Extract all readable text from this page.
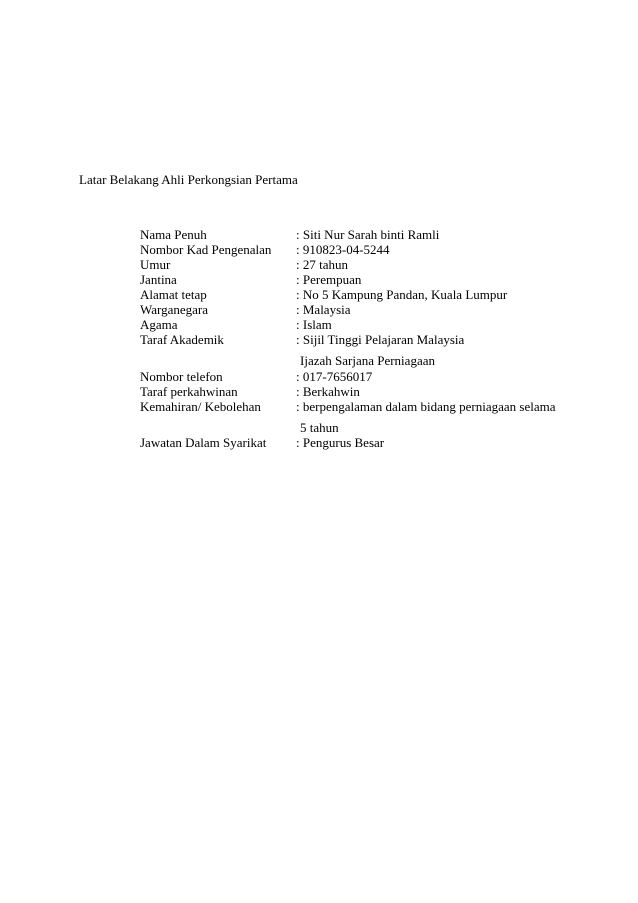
Latar Belakang Ahli Perkongsian Pertama
Nama Penuh	: Siti Nur Sarah binti Ramli
Nombor Kad Pengenalan : 910823-04-5244
Umur	: 27 tahun
Jantina	: Perempuan
Alamat tetap	: No 5 Kampung Pandan, Kuala Lumpur
Warganegara	: Malaysia
Agama	: Islam
Taraf Akademik	: Sijil Tinggi Pelajaran Malaysia
Ijazah Sarjana Perniagaan
Nombor telefon	: 017-7656017
Taraf perkahwinan	: Berkahwin
Kemahiran/ Kebolehan	: berpengalaman dalam bidang perniagaan selama
5 tahun
Jawatan Dalam Syarikat : Pengurus Besar
